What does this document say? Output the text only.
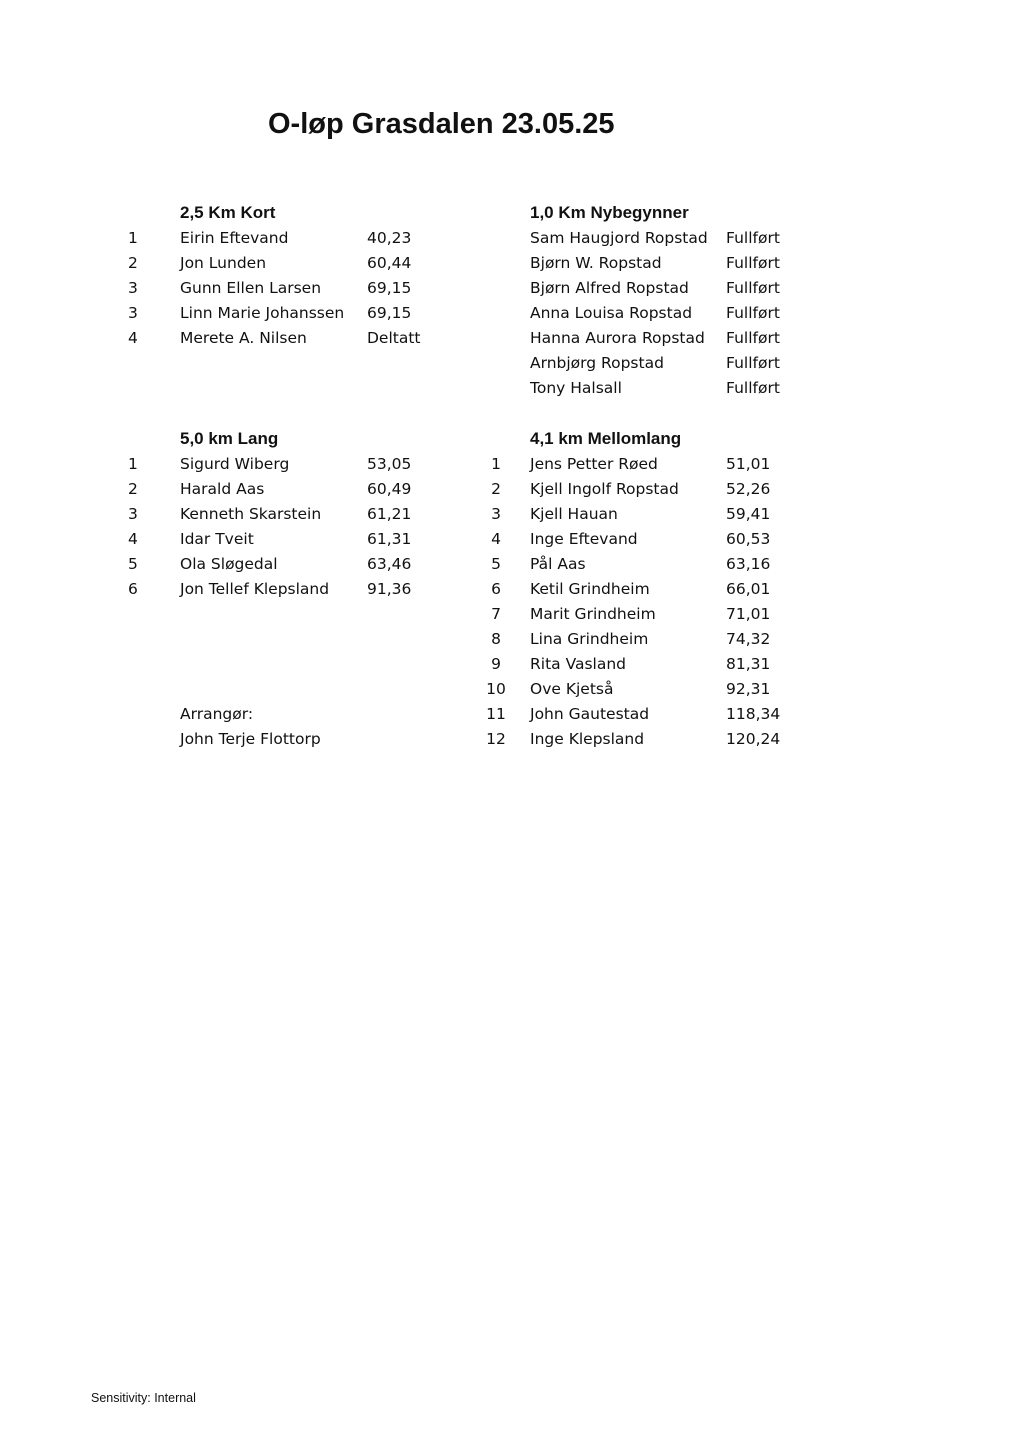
O-løp Grasdalen 23.05.25
2,5 Km Kort
1	Eirin Eftevand	40,23
2	Jon Lunden	60,44
3	Gunn Ellen Larsen	69,15
3	Linn Marie Johanssen 69,15
4	Merete A. Nilsen	Deltatt
1,0 Km Nybegynner
Sam Haugjord Ropstad Fullført
Bjørn W. Ropstad	Fullført
Bjørn Alfred Ropstad Fullført
Anna Louisa Ropstad Fullført
Hanna Aurora Ropstad Fullført
Arnbjørg Ropstad	Fullført
Tony Halsall	Fullført
5,0 km Lang
1	Sigurd Wiberg	53,05
2	Harald Aas	60,49
3	Kenneth Skarstein	61,21
4	Idar Tveit	61,31
5	Ola Sløgedal	63,46
6	Jon Tellef Klepsland 91,36
4,1 km Mellomlang
1	Jens Petter Røed	51,01
2	Kjell Ingolf Ropstad	52,26
3	Kjell Hauan	59,41
4	Inge Eftevand	60,53
5	Pål Aas	63,16
6	Ketil Grindheim	66,01
7	Marit Grindheim	71,01
8	Lina Grindheim	74,32
9	Rita Vasland	81,31
10	Ove Kjetså	92,31
11	John Gautestad	118,34
12	Inge Klepsland	120,24
Arrangør:
John Terje Flottorp
Sensitivity: Internal
